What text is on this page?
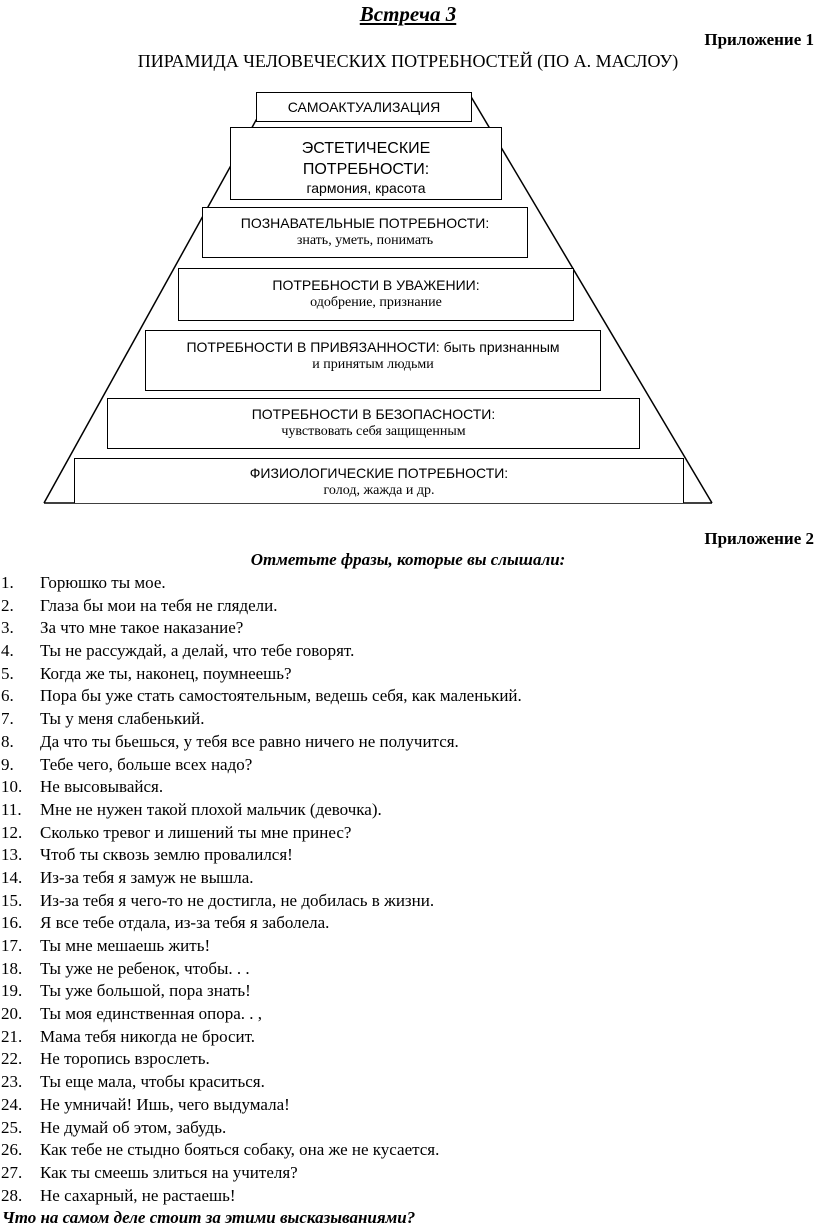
Встреча 3
Приложение 1
ПИРАМИДА ЧЕЛОВЕЧЕСКИХ ПОТРЕБНОСТЕЙ (ПО А. МАСЛОУ)
САМОАКТУАЛИЗАЦИЯ
ЭСТЕТИЧЕСКИЕ ПОТРЕБНОСТИ:
гармония, красота
ПОЗНАВАТЕЛЬНЫЕ ПОТРЕБНОСТИ:
знать, уметь, понимать
ПОТРЕБНОСТИ В УВАЖЕНИИ:
одобрение, признание
ПОТРЕБНОСТИ В ПРИВЯЗАННОСТИ: быть признанным
и принятым людьми
ПОТРЕБНОСТИ В БЕЗОПАСНОСТИ:
чувствовать себя защищенным
ФИЗИОЛОГИЧЕСКИЕ ПОТРЕБНОСТИ:
голод, жажда и др.
Приложение 2
Отметьте фразы, которые вы слышали:
1. Горюшко ты мое.
2. Глаза бы мои на тебя не глядели.
3. За что мне такое наказание?
4. Ты не рассуждай, а делай, что тебе говорят.
5. Когда же ты, наконец, поумнеешь?
6. Пора бы уже стать самостоятельным, ведешь себя, как маленький.
7. Ты у меня слабенький.
8. Да что ты бьешься, у тебя все равно ничего не получится.
9. Тебе чего, больше всех надо?
10. Не высовывайся.
11. Мне не нужен такой плохой мальчик (девочка).
12. Сколько тревог и лишений ты мне принес?
13. Чтоб ты сквозь землю провалился!
14. Из-за тебя я замуж не вышла.
15. Из-за тебя я чего-то не достигла, не добилась в жизни.
16. Я все тебе отдала, из-за тебя я заболела.
17. Ты мне мешаешь жить!
18. Ты уже не ребенок, чтобы. . .
19. Ты уже большой, пора знать!
20. Ты моя единственная опора. . ,
21. Мама тебя никогда не бросит.
22. Не торопись взрослеть.
23. Ты еще мала, чтобы краситься.
24. Не умничай! Ишь, чего выдумала!
25. Не думай об этом, забудь.
26. Как тебе не стыдно бояться собаку, она же не кусается.
27. Как ты смеешь злиться на учителя?
28. Не сахарный, не растаешь!
Что на самом деле стоит за этими высказываниями?
